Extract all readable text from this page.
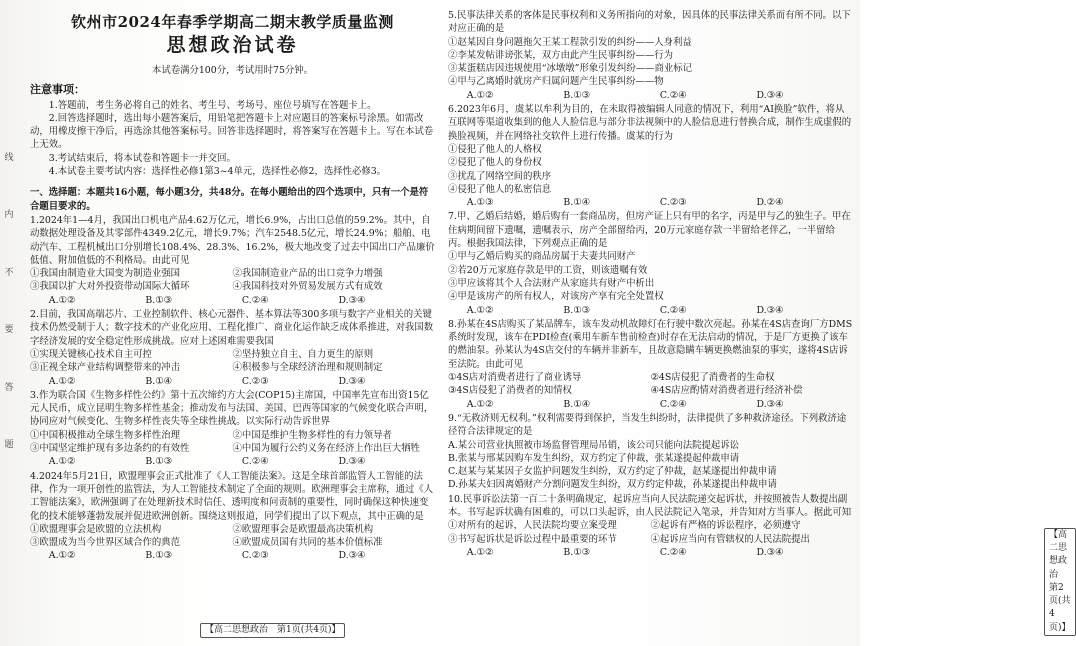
线
内
不
要
答
题
钦州市2024年春季学期高二期末教学质量监测
思想政治试卷
本试卷满分100分，考试用时75分钟。
注意事项：
1.答题前，考生务必将自己的姓名、考生号、考场号、座位号填写在答题卡上。
2.回答选择题时，选出每小题答案后，用铅笔把答题卡上对应题目的答案标号涂黑。如需改动，用橡皮擦干净后，再选涂其他答案标号。回答非选择题时，将答案写在答题卡上。写在本试卷上无效。
3.考试结束后，将本试卷和答题卡一并交回。
4.本试卷主要考试内容：选择性必修1第3~4单元，选择性必修2，选择性必修3。
一、选择题：本题共16小题，每小题3分，共48分。在每小题给出的四个选项中，只有一个是符合题目要求的。
1.2024年1—4月，我国出口机电产品4.62万亿元，增长6.9%，占出口总值的59.2%。其中，自动数据处理设备及其零部件4349.2亿元，增长9.7%；汽车2548.5亿元，增长24.9%；船舶、电动汽车、工程机械出口分别增长108.4%、28.3%、16.2%，极大地改变了过去中国出口产品廉价低值、附加值低的不利格局。由此可见
①我国由制造业大国变为制造业强国	②我国制造业产品的出口竞争力增强
③我国以扩大对外投资带动国际大循环	④我国科技对外贸易发展方式有成效
A.①②	B.①③	C.②④	D.③④
2.目前，我国高端芯片、工业控制软件、核心元器件、基本算法等300多项与数字产业相关的关键技术仍然受制于人；数字技术的产业化应用、工程化推广、商业化运作缺乏成体系推进，对我国数字经济发展的安全稳定性形成挑战。应对上述困难需要我国
①实现关键核心技术自主可控	②坚持独立自主、自力更生的原则
③正视全球产业结构调整带来的冲击	④积极参与全球经济治理和规则制定
A.①②	B.①④	C.②③	D.③④
3.作为联合国《生物多样性公约》第十五次缔约方大会(COP15)主席国，中国率先宣布出资15亿元人民币，成立昆明生物多样性基金；推动发布与法国、美国、巴西等国家的气候变化联合声明，协同应对气候变化、生物多样性丧失等全球性挑战。以实际行动告诉世界
①中国积极推动全球生物多样性治理	②中国是维护生物多样性的有力领导者
③中国坚定维护现有多边条约的有效性	④中国为履行公约义务在经济上作出巨大牺牲
A.①②	B.①③	C.②④	D.③④
4.2024年5月21日，欧盟理事会正式批准了《人工智能法案》。这是全球首部监管人工智能的法律，作为一项开创性的监管法，为人工智能技术制定了全面的规则。欧洲理事会主席称，通过《人工智能法案》，欧洲强调了在处理新技术时信任、透明度和问责制的重要性，同时确保这种快速变化的技术能够蓬勃发展并促进欧洲创新。围绕这则报道，同学们提出了以下观点，其中正确的是
①欧盟理事会是欧盟的立法机构	②欧盟理事会是欧盟最高决策机构
③欧盟成为当今世界区域合作的典范	④欧盟成员国有共同的基本价值标准
A.①②	B.①③	C.②③	D.③④
【高二思想政治　第1页(共4页)】
5.民事法律关系的客体是民事权利和义务所指向的对象，因具体的民事法律关系而有所不同。以下对应正确的是
①赵某因自身问题拖欠王某工程款引发的纠纷——人身利益
②李某发帖诽谤张某，双方由此产生民事纠纷——行为
③某蛋糕店因违规使用“冰墩墩”形象引发纠纷——商业标记
④甲与乙离婚时就房产归属问题产生民事纠纷——物
A.①②	B.①③	C.②④	D.③④
6.2023年6月，虞某以牟利为目的，在未取得被编辑人同意的情况下，利用“AI换脸”软件，将从互联网等渠道收集到的他人人脸信息与部分非法视频中的人脸信息进行替换合成，制作生成虚假的换脸视频，并在网络社交软件上进行传播。虞某的行为
①侵犯了他人的人格权
②侵犯了他人的身份权
③扰乱了网络空间的秩序
④侵犯了他人的私密信息
A.①③	B.①④	C.②③	D.②④
7.甲、乙婚后结婚，婚后购有一套商品房，但房产证上只有甲的名字，丙是甲与乙的独生子。甲在住病期间留下遗嘱，遗嘱表示，房产全部留给丙，20万元家庭存款一半留给老伴乙，一半留给丙。根据我国法律，下列观点正确的是
①甲与乙婚后购买的商品房属于夫妻共同财产
②若20万元家庭存款是甲的工资，则该遗嘱有效
③甲应该将其个人合法财产从家庭共有财产中析出
④甲是该房产的所有权人，对该房产享有完全处置权
A.①②	B.①③	C.②④	D.③④
8.孙某在4S店购买了某品牌车，该车发动机故障灯在行驶中数次亮起。孙某在4S店查询厂方DMS系统时发现，该车在PDI检查(乘用车新车售前检查)时存在无法启动的情况，于是厂方更换了该车的燃油泵。孙某认为4S店交付的车辆并非新车，且故意隐瞒车辆更换燃油泵的事实，遂将4S店诉至法院。由此可见
①4S店对消费者进行了商业诱导	②4S店侵犯了消费者的生命权
③4S店侵犯了消费者的知情权	④4S店应酌情对消费者进行经济补偿
A.①②	B.①④	C.②④	D.③④
9.“无救济则无权利。”权利需要得到保护，当发生纠纷时，法律提供了多种救济途径。下列救济途径符合法律规定的是
A.某公司营业执照被市场监督管理局吊销，该公司只能向法院提起诉讼
B.张某与邢某因购车发生纠纷，双方约定了仲裁，张某遂提起仲裁申请
C.赵某与某某因子女监护问题发生纠纷，双方约定了仲裁，赵某遂提出仲裁申请
D.孙某夫妇因离婚财产分割问题发生纠纷，双方约定仲裁，孙某遂提出仲裁申请
10.民事诉讼法第一百二十条明确规定，起诉应当向人民法院递交起诉状，并按照被告人数提出副本。书写起诉状确有困难的，可以口头起诉，由人民法院记入笔录，并告知对方当事人。据此可知
①对所有的起诉，人民法院均要立案受理	②起诉有严格的诉讼程序，必须遵守
③书写起诉状是诉讼过程中最重要的环节	④起诉应当向有管辖权的人民法院提出
A.①②	B.①③	C.②④	D.③④
【高二思想政治　第2页(共4页)】
